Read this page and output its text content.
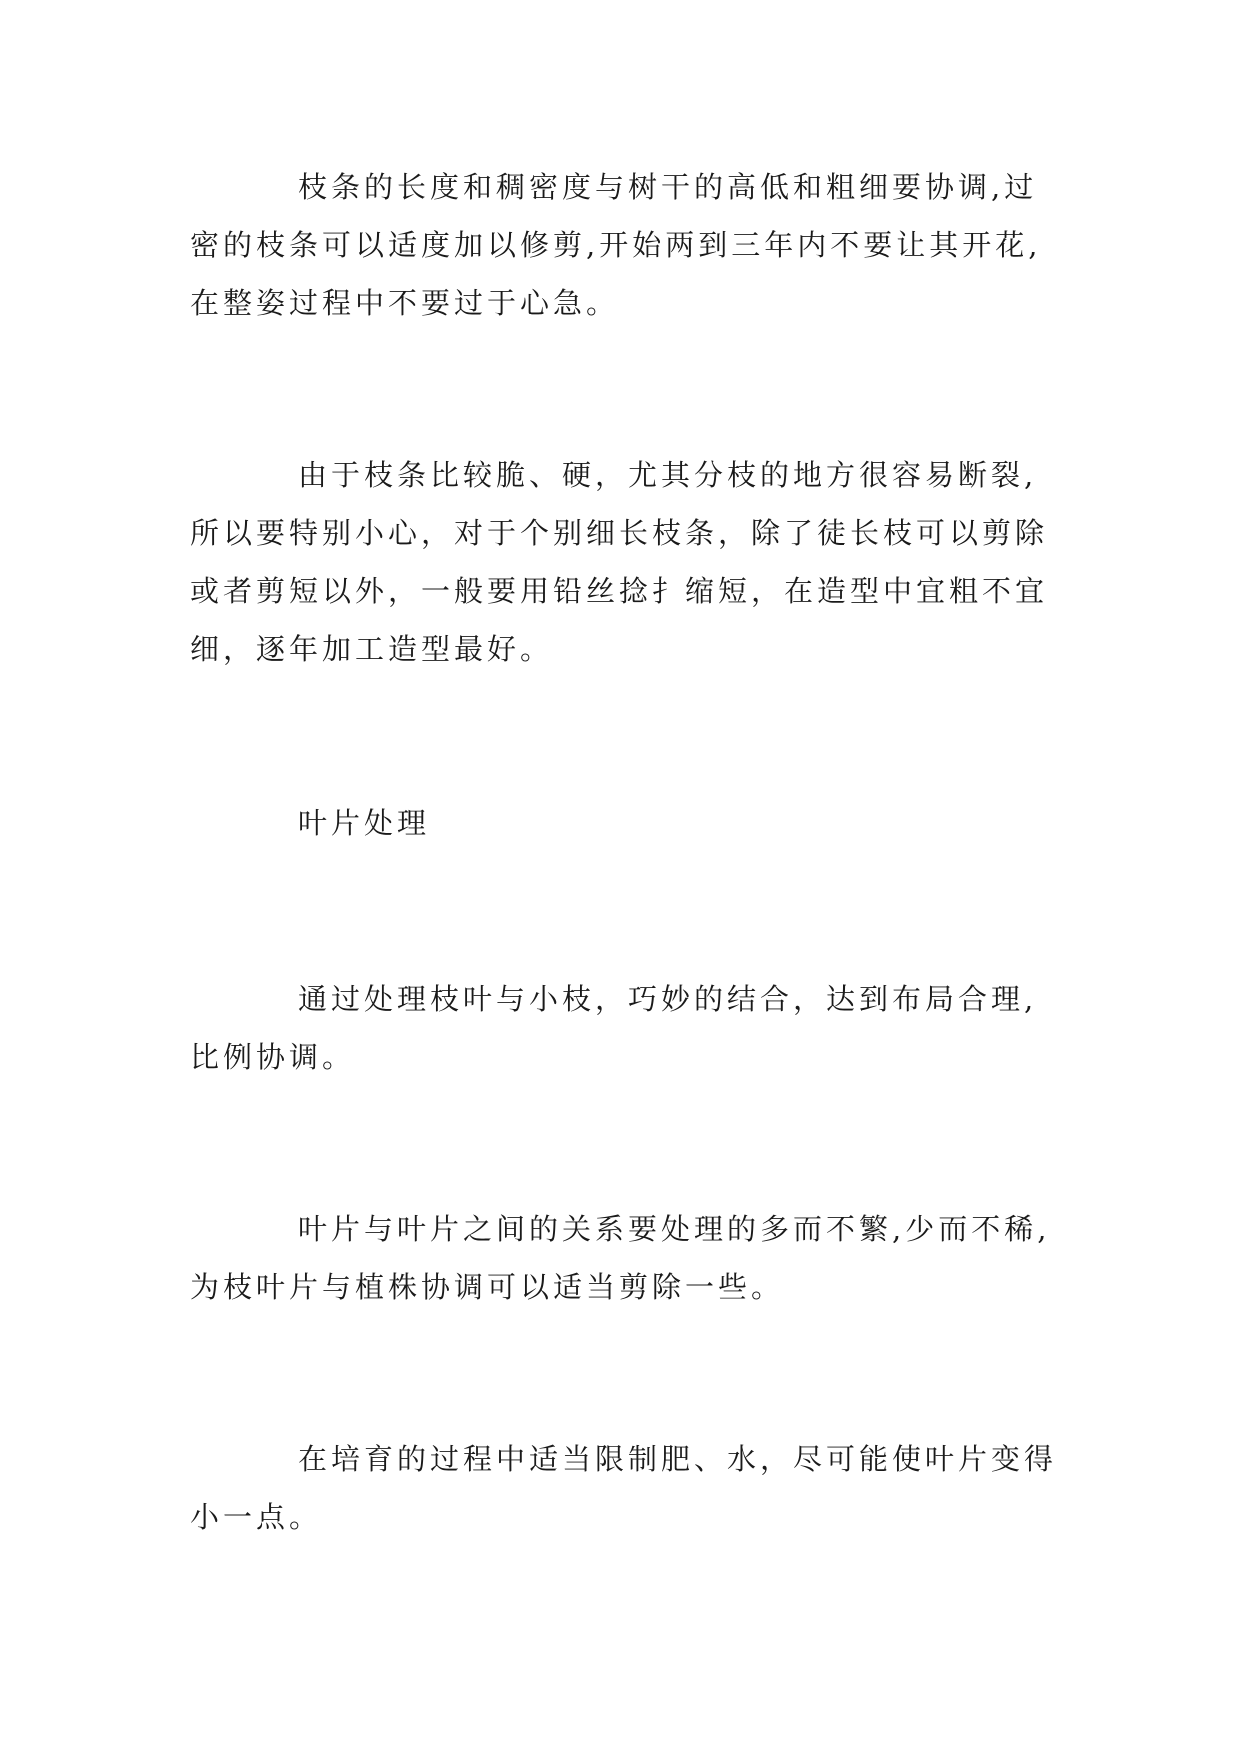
枝条的长度和稠密度与树干的高低和粗细要协调,过
密的枝条可以适度加以修剪,开始两到三年内不要让其开花,
在整姿过程中不要过于心急。
由于枝条比较脆、硬，尤其分枝的地方很容易断裂,
所以要特别小心，对于个别细长枝条，除了徒长枝可以剪除
或者剪短以外，一般要用铅丝捻扌缩短，在造型中宜粗不宜
细，逐年加工造型最好。
叶片处理
通过处理枝叶与小枝，巧妙的结合，达到布局合理,
比例协调。
叶片与叶片之间的关系要处理的多而不繁,少而不稀,
为枝叶片与植株协调可以适当剪除一些。
在培育的过程中适当限制肥、水，尽可能使叶片变得
小一点。
